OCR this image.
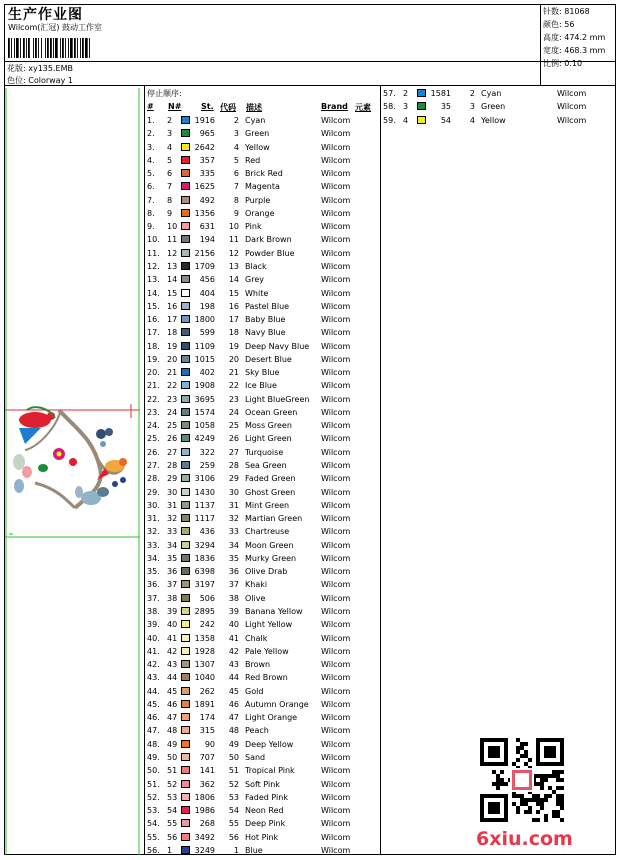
生产作业图
Wilcom(汇冠) 鼓动工作室
花版: xy135.EMB
色位: Colorway 1
针数: 81068
颜色: 56
高度: 474.2 mm
宽度: 468.3 mm
比例: 0.10
停止顺序:
# N# St. 代码 描述	Brand 元素
1. 2	1916	2 Cyan	Wilcom
2. 3	965	3 Green	Wilcom
3. 4	2642	4 Yellow	Wilcom
4. 5	357	5 Red	Wilcom
5. 6	335	6 Brick Red	Wilcom
6. 7	1625	7 Magenta	Wilcom
7. 8	492	8 Purple	Wilcom
8. 9	1356	9 Orange	Wilcom
9. 10	631	10 Pink	Wilcom
10. 11	194	11 Dark Brown	Wilcom
11. 12	2156	12 Powder Blue	Wilcom
12. 13	1709	13 Black	Wilcom
13. 14	456	14 Grey	Wilcom
14. 15	404	15 White	Wilcom
15. 16	198	16 Pastel Blue	Wilcom
16. 17	1800	17 Baby Blue	Wilcom
17. 18	599	18 Navy Blue	Wilcom
18. 19	1109	19 Deep Navy Blue Wilcom
19. 20	1015	20 Desert Blue	Wilcom
20. 21	402	21 Sky Blue	Wilcom
21. 22	1908	22 Ice Blue	Wilcom
22. 23	3695	23 Light BlueGreen Wilcom
23. 24	1574	24 Ocean Green	Wilcom
24. 25	1058	25 Moss Green	Wilcom
25. 26	4249	26 Light Green	Wilcom
26. 27	322	27 Turquoise	Wilcom
27. 28	259	28 Sea Green	Wilcom
28. 29	3106	29 Faded Green	Wilcom
29. 30	1430	30 Ghost Green	Wilcom
30. 31	1137	31 Mint Green	Wilcom
31. 32	1117	32 Martian Green Wilcom
32. 33	436	33 Chartreuse	Wilcom
33. 34	3294	34 Moon Green	Wilcom
34. 35	1836	35 Murky Green	Wilcom
35. 36	6398	36 Olive Drab	Wilcom
36. 37	3197	37 Khaki	Wilcom
37. 38	506	38 Olive	Wilcom
38. 39	2895	39 Banana Yellow Wilcom
39. 40	242	40 Light Yellow	Wilcom
40. 41	1358	41 Chalk	Wilcom
41. 42	1928	42 Pale Yellow	Wilcom
42. 43	1307	43 Brown	Wilcom
43. 44	1040	44 Red Brown	Wilcom
44. 45	262	45 Gold	Wilcom
45. 46	1891	46 Autumn Orange Wilcom
46. 47	174	47 Light Orange	Wilcom
47. 48	315	48 Peach	Wilcom
48. 49	90	49 Deep Yellow	Wilcom
49. 50	707	50 Sand	Wilcom
50. 51	141	51 Tropical Pink	Wilcom
51. 52	362	52 Soft Pink	Wilcom
52. 53	1806	53 Faded Pink	Wilcom
53. 54	1986	54 Neon Red	Wilcom
54. 55	268	55 Deep Pink	Wilcom
55. 56	3492	56 Hot Pink	Wilcom
56. 1	3249	1 Blue	Wilcom
57. 2	1581	2 Cyan	Wilcom
58. 3	35	3 Green	Wilcom
59. 4	54	4 Yellow	Wilcom
6xiu.com
